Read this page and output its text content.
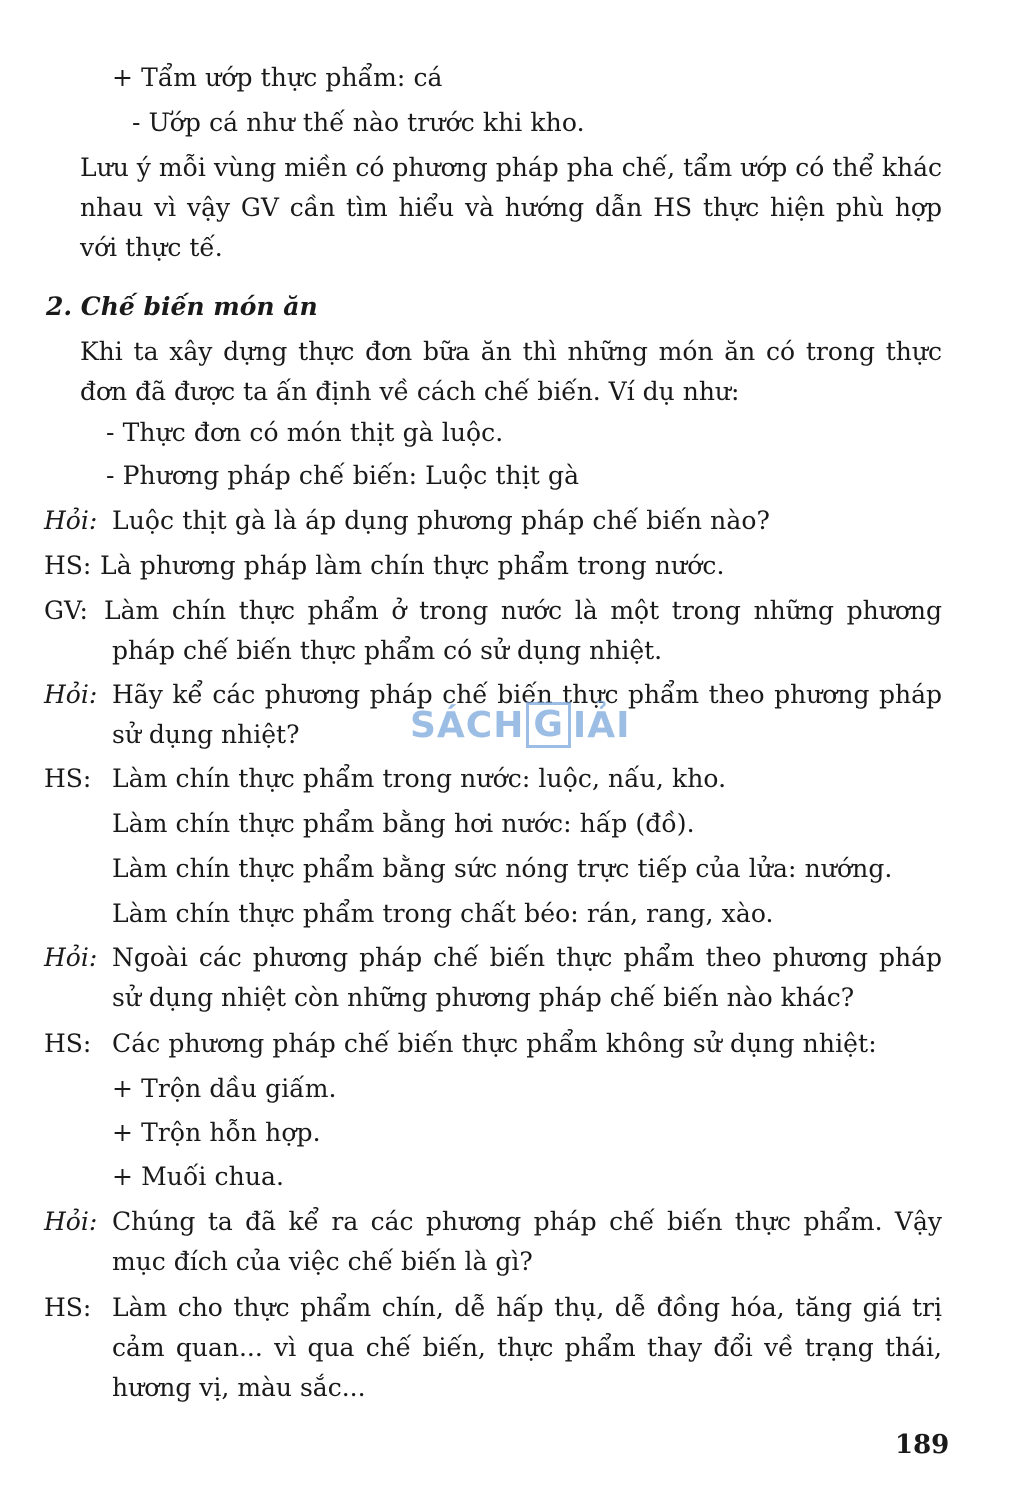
+ Tẩm ướp thực phẩm: cá
- Ướp cá như thế nào trước khi kho.
Lưu ý mỗi vùng miền có phương pháp pha chế, tẩm ướp có thể khác nhau vì vậy GV cần tìm hiểu và hướng dẫn HS thực hiện phù hợp với thực tế.
2. Chế biến món ăn
Khi ta xây dựng thực đơn bữa ăn thì những món ăn có trong thực đơn đã được ta ấn định về cách chế biến. Ví dụ như:
- Thực đơn có món thịt gà luộc.
- Phương pháp chế biến: Luộc thịt gà
Hỏi: Luộc thịt gà là áp dụng phương pháp chế biến nào?
HS: Là phương pháp làm chín thực phẩm trong nước.
GV: Làm chín thực phẩm ở trong nước là một trong những phương pháp chế biến thực phẩm có sử dụng nhiệt.
Hỏi: Hãy kể các phương pháp chế biến thực phẩm theo phương pháp sử dụng nhiệt?
HS: Làm chín thực phẩm trong nước: luộc, nấu, kho.
Làm chín thực phẩm bằng hơi nước: hấp (đồ).
Làm chín thực phẩm bằng sức nóng trực tiếp của lửa: nướng.
Làm chín thực phẩm trong chất béo: rán, rang, xào.
Hỏi: Ngoài các phương pháp chế biến thực phẩm theo phương pháp sử dụng nhiệt còn những phương pháp chế biến nào khác?
HS: Các phương pháp chế biến thực phẩm không sử dụng nhiệt:
+ Trộn dầu giấm.
+ Trộn hỗn hợp.
+ Muối chua.
Hỏi: Chúng ta đã kể ra các phương pháp chế biến thực phẩm. Vậy mục đích của việc chế biến là gì?
HS: Làm cho thực phẩm chín, dễ hấp thụ, dễ đồng hóa, tăng giá trị cảm quan... vì qua chế biến, thực phẩm thay đổi về trạng thái, hương vị, màu sắc...
SÁCH G IẢI
189
